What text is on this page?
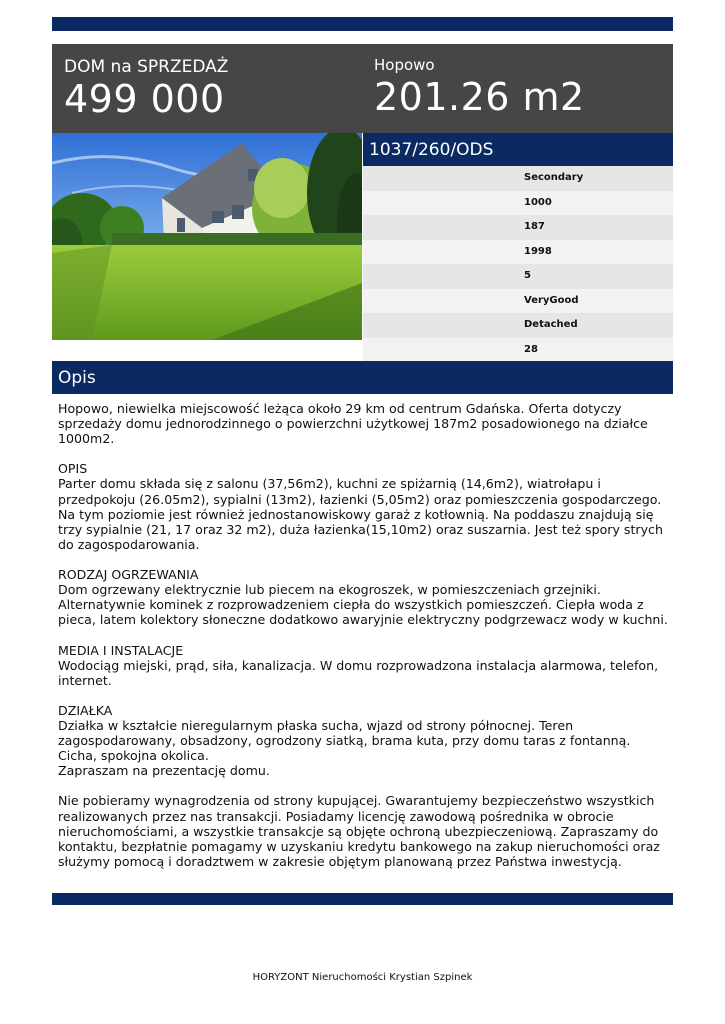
DOM na SPRZEDAŻ
499 000
Hopowo
201.26 m2
1037/260/ODS
Secondary
1000
187
1998
5
VeryGood
Detached
28
Opis

Hopowo, niewielka miejscowość leżąca około 29 km od centrum Gdańska. Oferta dotyczy sprzedaży domu jednorodzinnego o powierzchni użytkowej 187m2 posadowionego na działce 1000m2.

OPIS
Parter domu składa się z salonu (37,56m2), kuchni ze spiżarnią (14,6m2), wiatrołapu i przedpokoju (26.05m2), sypialni (13m2), łazienki (5,05m2) oraz pomieszczenia gospodarczego. Na tym poziomie jest również jednostanowiskowy garaż z kotłownią. Na poddaszu znajdują się trzy sypialnie (21, 17 oraz 32 m2), duża łazienka(15,10m2) oraz suszarnia. Jest też spory strych do zagospodarowania.

RODZAJ OGRZEWANIA
Dom ogrzewany elektrycznie lub piecem na ekogroszek, w pomieszczeniach grzejniki. Alternatywnie kominek z rozprowadzeniem ciepła do wszystkich pomieszczeń. Ciepła woda z pieca, latem kolektory słoneczne dodatkowo awaryjnie elektryczny podgrzewacz wody w kuchni.

MEDIA I INSTALACJE
Wodociąg miejski, prąd, siła, kanalizacja. W domu rozprowadzona instalacja alarmowa, telefon, internet.

DZIAŁKA
Działka w kształcie nieregularnym płaska sucha, wjazd od strony północnej. Teren zagospodarowany, obsadzony, ogrodzony siatką, brama kuta, przy domu taras z fontanną. Cicha, spokojna okolica.
Zapraszam na prezentację domu.

Nie pobieramy wynagrodzenia od strony kupującej. Gwarantujemy bezpieczeństwo wszystkich realizowanych przez nas transakcji. Posiadamy licencję zawodową pośrednika w obrocie nieruchomościami, a wszystkie transakcje są objęte ochroną ubezpieczeniową. Zapraszamy do kontaktu, bezpłatnie pomagamy w uzyskaniu kredytu bankowego na zakup nieruchomości oraz służymy pomocą i doradztwem w zakresie objętym planowaną przez Państwa inwestycją.

HORYZONT Nieruchomości Krystian Szpinek
